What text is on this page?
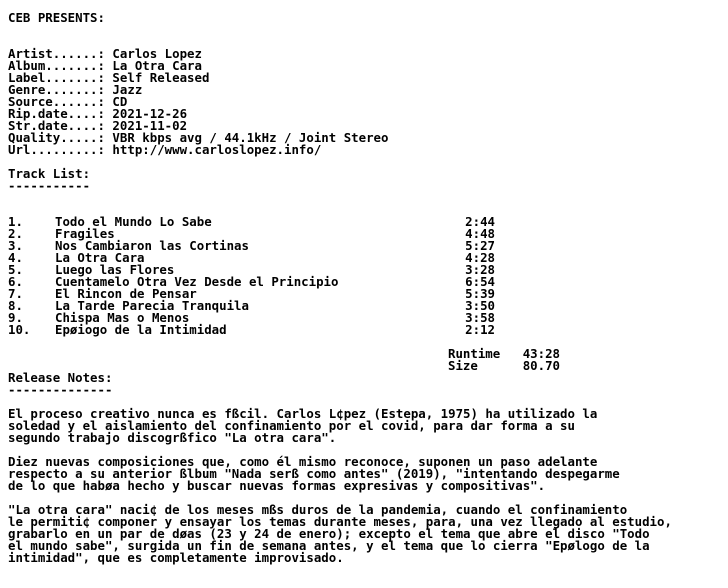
CEB PRESENTS:
Artist......: Carlos Lopez
Album.......: La Otra Cara
Label.......: Self Released
Genre.......: Jazz
Source......: CD
Rip.date....: 2021-12-26
Str.date....: 2021-11-02
Quality.....: VBR kbps avg / 44.1kHz / Joint Stereo
Url.........: http://www.carloslopez.info/
Track List:
-----------
1.	Todo el Mundo Lo Sabe	2:44
2.	Fragiles	4:48
3.	Nos Cambiaron las Cortinas	5:27
4.	La Otra Cara	4:28
5.	Luego las Flores	3:28
6.	Cuentamelo Otra Vez Desde el Principio	6:54
7.	El Rincon de Pensar	5:39
8.	La Tarde Parecia Tranquila	3:50
9.	Chispa Mas o Menos	3:58
10. Epøiogo de la Intimidad	2:12
Runtime	43:28
Size	80.70
Release Notes:
--------------
El proceso creativo nunca es fßcil. Carlos L¢pez (Estepa, 1975) ha utilizado la
soledad y el aislamiento del confinamiento por el covid, para dar forma a su
segundo trabajo discogrßfico "La otra cara".
Diez nuevas composiciones que, como él mismo reconoce, suponen un paso adelante
respecto a su anterior ßlbum "Nada serß como antes" (2019), "intentando despegarme
de lo que habøa hecho y buscar nuevas formas expresivas y compositivas".
"La otra cara" naci¢ de los meses mßs duros de la pandemia, cuando el confinamiento
le permiti¢ componer y ensayar los temas durante meses, para, una vez llegado al estudio,
grabarlo en un par de døas (23 y 24 de enero); excepto el tema que abre el disco "Todo
el mundo sabe", surgida un fin de semana antes, y el tema que lo cierra "Epølogo de la
intimidad", que es completamente improvisado.
